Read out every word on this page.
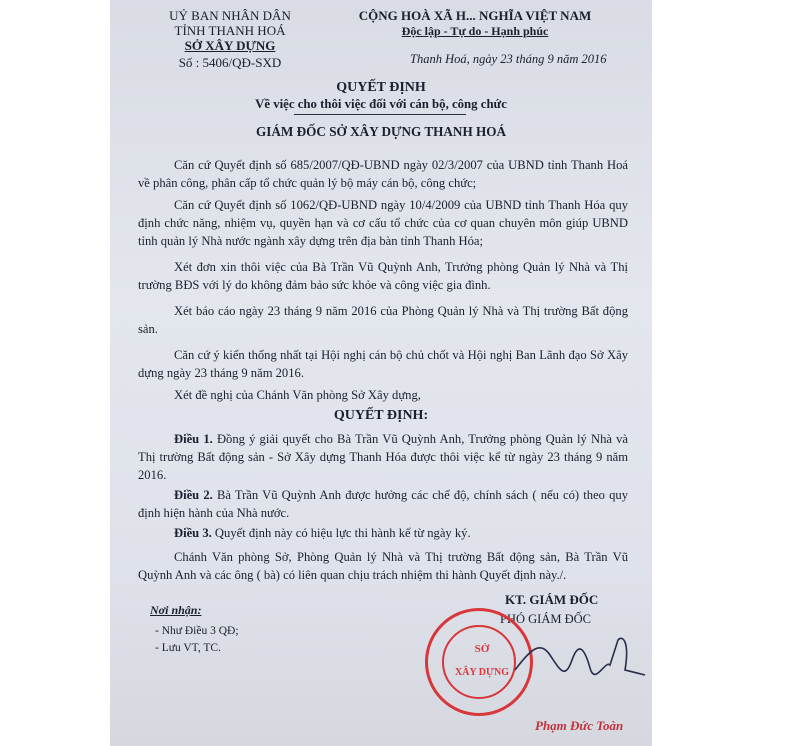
UỶ BAN NHÂN DÂN
TỈNH THANH HOÁ
SỞ XÂY DỰNG
Số : 5406/QĐ-SXD
CỘNG HOÀ XÃ H... NGHĨA VIỆT NAM
Độc lập - Tự do - Hạnh phúc
Thanh Hoá, ngày 23 tháng 9 năm 2016
QUYẾT ĐỊNH
Về việc cho thôi việc đối với cán bộ, công chức
GIÁM ĐỐC SỞ XÂY DỰNG THANH HOÁ

Căn cứ Quyết định số 685/2007/QĐ-UBND ngày 02/3/2007 của UBND tỉnh Thanh Hoá về phân công, phân cấp tổ chức quản lý bộ máy cán bộ, công chức;

Căn cứ Quyết định số 1062/QĐ-UBND ngày 10/4/2009 của UBND tỉnh Thanh Hóa quy định chức năng, nhiệm vụ, quyền hạn và cơ cấu tổ chức của cơ quan chuyên môn giúp UBND tỉnh quản lý Nhà nước ngành xây dựng trên địa bàn tỉnh Thanh Hóa;

Xét đơn xin thôi việc của Bà Trần Vũ Quỳnh Anh, Trưởng phòng Quản lý Nhà và Thị trường BĐS với lý do không đảm bảo sức khỏe và công việc gia đình.

Xét báo cáo ngày 23 tháng 9 năm 2016 của Phòng Quản lý Nhà và Thị trường Bất động sản.

Căn cứ ý kiến thống nhất tại Hội nghị cán bộ chủ chốt và Hội nghị Ban Lãnh đạo Sở Xây dựng ngày 23 tháng 9 năm 2016.

Xét đề nghị của Chánh Văn phòng Sở Xây dựng,

QUYẾT ĐỊNH:

Điều 1. Đồng ý giải quyết cho Bà Trần Vũ Quỳnh Anh, Trưởng phòng Quản lý Nhà và Thị trường Bất động sản - Sở Xây dựng Thanh Hóa được thôi việc kể từ ngày 23 tháng 9 năm 2016.

Điều 2. Bà Trần Vũ Quỳnh Anh được hưởng các chế độ, chính sách ( nếu có) theo quy định hiện hành của Nhà nước.

Điều 3. Quyết định này có hiệu lực thi hành kể từ ngày ký.

Chánh Văn phòng Sở, Phòng Quản lý Nhà và Thị trường Bất động sản, Bà Trần Vũ Quỳnh Anh và các ông ( bà) có liên quan chịu trách nhiệm thi hành Quyết định này./.

Nơi nhận:
- Như Điều 3 QĐ;
- Lưu VT, TC.
KT. GIÁM ĐỐC
PHÓ GIÁM ĐỐC
SỞ
XÂY DỰNG
Phạm Đức Toàn
